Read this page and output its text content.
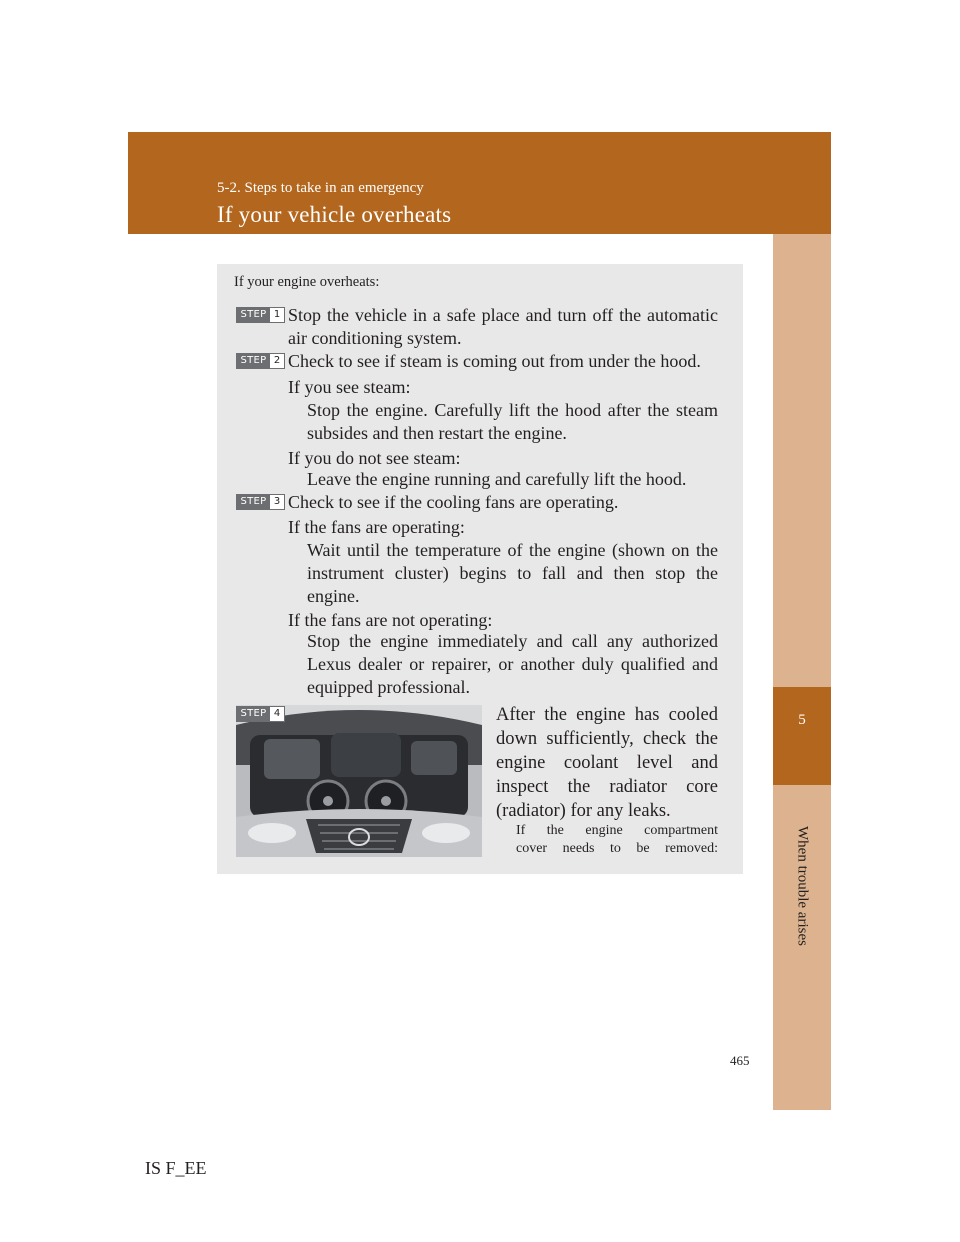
5-2. Steps to take in an emergency
If your vehicle overheats
5
When trouble arises
If your engine overheats:
STEP 1 Stop the vehicle in a safe place and turn off the automatic
air conditioning system.
STEP 2 Check to see if steam is coming out from under the hood.
If you see steam:
Stop the engine. Carefully lift the hood after the steam
subsides and then restart the engine.
If you do not see steam:
Leave the engine running and carefully lift the hood.
STEP 3 Check to see if the cooling fans are operating.
If the fans are operating:
Wait until the temperature of the engine (shown on the
instrument cluster) begins to fall and then stop the
engine.
If the fans are not operating:
Stop the engine immediately and call any authorized
Lexus dealer or repairer, or another duly qualified and
equipped professional.
STEP 4	After the engine has cooled
down sufficiently, check the
engine coolant level and
inspect the radiator core
(radiator) for any leaks.
If the engine compartment
cover needs to be removed:
465
IS F_EE
